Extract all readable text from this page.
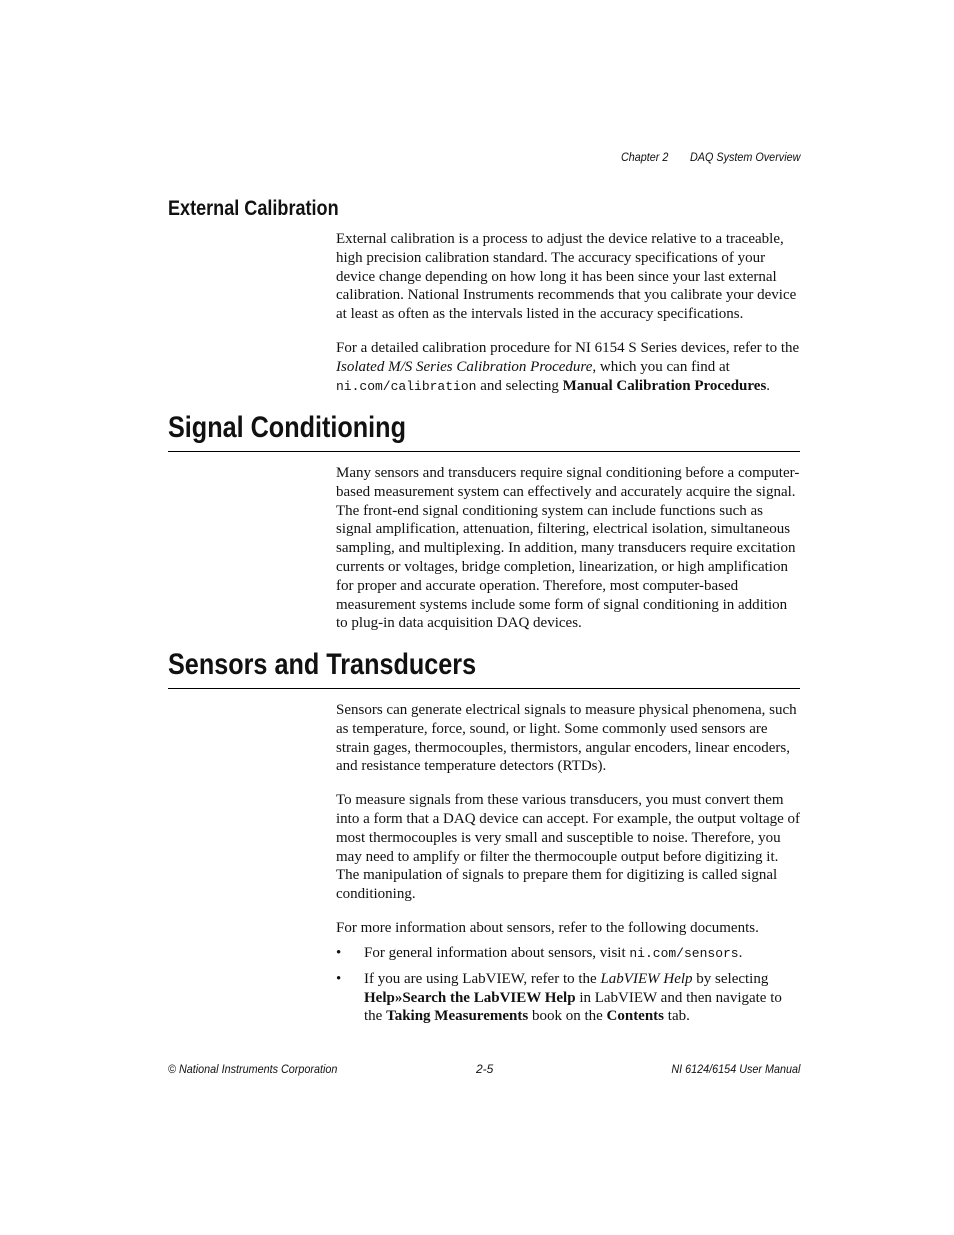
Chapter 2 DAQ System Overview
External Calibration

External calibration is a process to adjust the device relative to a traceable, high precision calibration standard. The accuracy specifications of your device change depending on how long it has been since your last external calibration. National Instruments recommends that you calibrate your device at least as often as the intervals listed in the accuracy specifications.

For a detailed calibration procedure for NI 6154 S Series devices, refer to the Isolated M/S Series Calibration Procedure, which you can find at ni.com/calibration and selecting Manual Calibration Procedures.

Signal Conditioning

Many sensors and transducers require signal conditioning before a computer-based measurement system can effectively and accurately acquire the signal. The front-end signal conditioning system can include functions such as signal amplification, attenuation, filtering, electrical isolation, simultaneous sampling, and multiplexing. In addition, many transducers require excitation currents or voltages, bridge completion, linearization, or high amplification for proper and accurate operation. Therefore, most computer-based measurement systems include some form of signal conditioning in addition to plug-in data acquisition DAQ devices.

Sensors and Transducers

Sensors can generate electrical signals to measure physical phenomena, such as temperature, force, sound, or light. Some commonly used sensors are strain gages, thermocouples, thermistors, angular encoders, linear encoders, and resistance temperature detectors (RTDs).

To measure signals from these various transducers, you must convert them into a form that a DAQ device can accept. For example, the output voltage of most thermocouples is very small and susceptible to noise. Therefore, you may need to amplify or filter the thermocouple output before digitizing it. The manipulation of signals to prepare them for digitizing is called signal conditioning.

For more information about sensors, refer to the following documents.

• For general information about sensors, visit ni.com/sensors.
• If you are using LabVIEW, refer to the LabVIEW Help by selecting Help»Search the LabVIEW Help in LabVIEW and then navigate to the Taking Measurements book on the Contents tab.
© National Instruments Corporation	2-5	NI 6124/6154 User Manual
